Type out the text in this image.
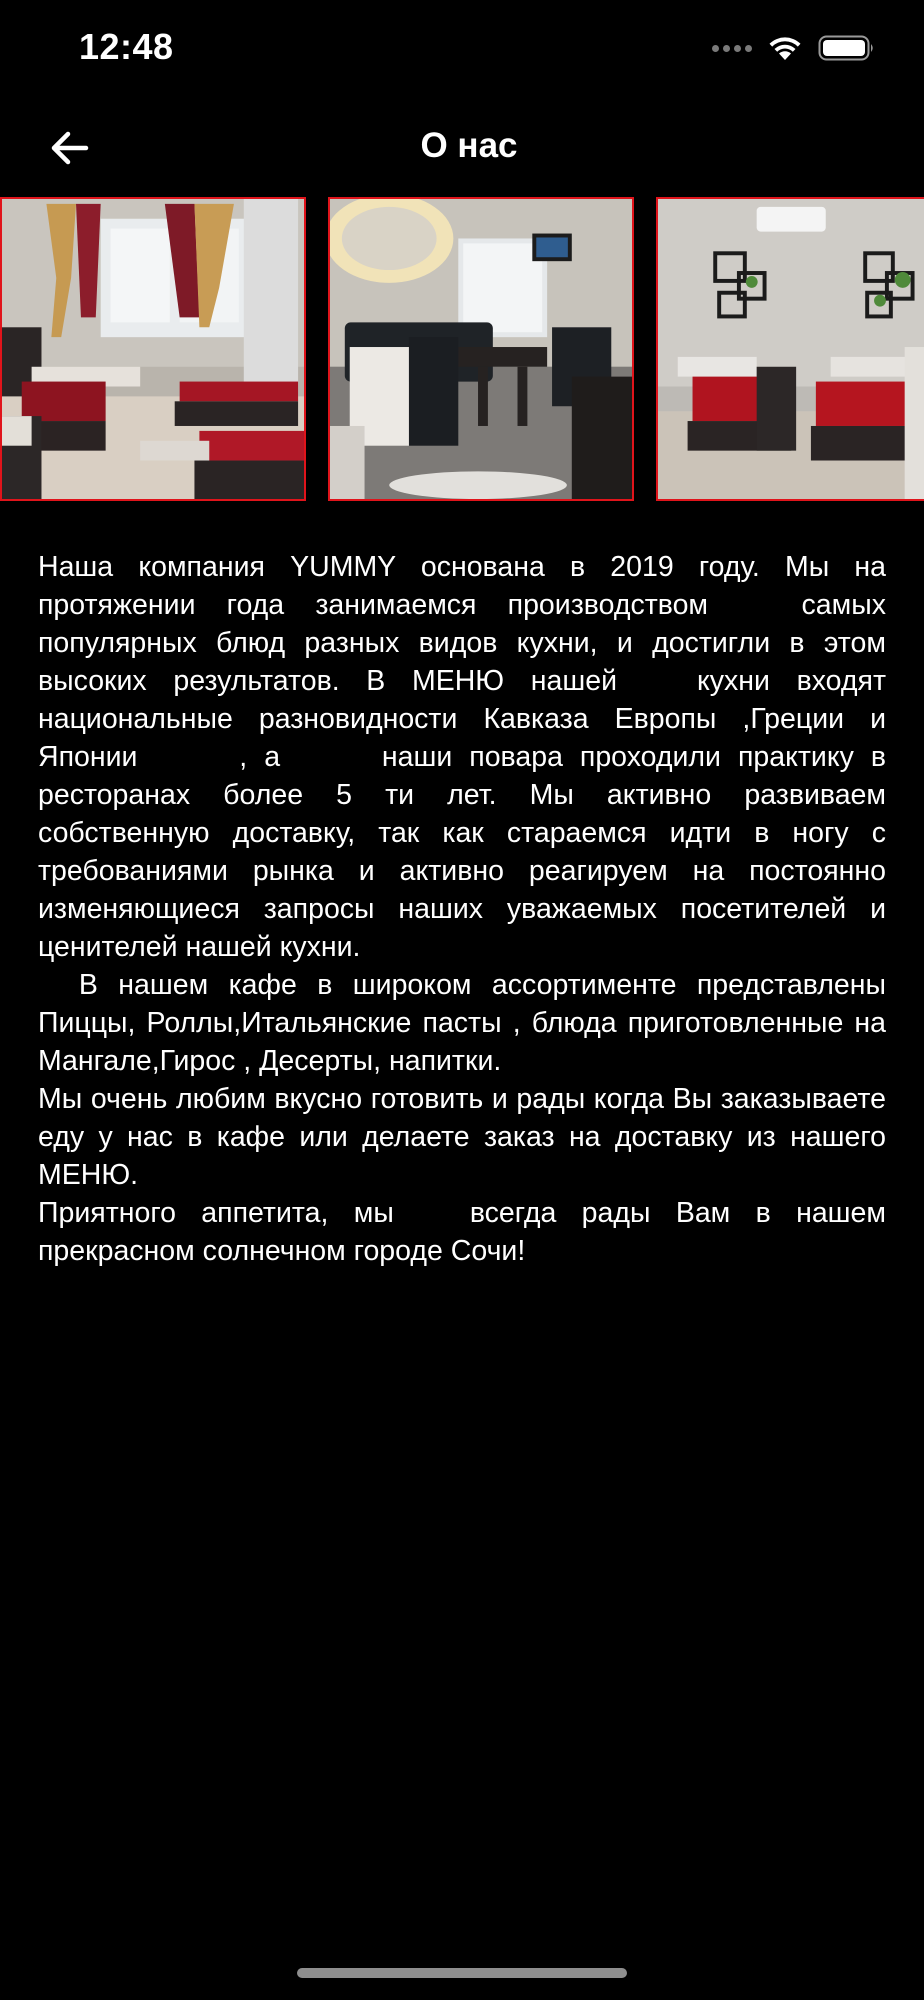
12:48
О нас

Наша компания YUMMY основана в 2019 году. Мы на протяжении года занимаемся производством   самых популярных блюд разных видов кухни, и достигли в этом высоких результатов. В МЕНЮ нашей   кухни входят национальные разновидности Кавказа Европы ,Греции и Японии      , а      наши повара проходили практику в ресторанах более 5 ти лет. Мы активно развиваем собственную доставку, так как стараемся идти в ногу с требованиями рынка и активно реагируем на постоянно изменяющиеся запросы наших уважаемых посетителей и ценителей нашей кухни.

В нашем кафе в широком ассортименте представлены Пиццы, Роллы,Итальянские пасты , блюда приготовленные на Мангале,Гирос , Десерты, напитки.

Мы очень любим вкусно готовить и рады когда Вы заказываете   еду у нас в кафе или делаете заказ на доставку из нашего МЕНЮ.

Приятного аппетита, мы   всегда рады Вам в нашем прекрасном солнечном городе Сочи!
